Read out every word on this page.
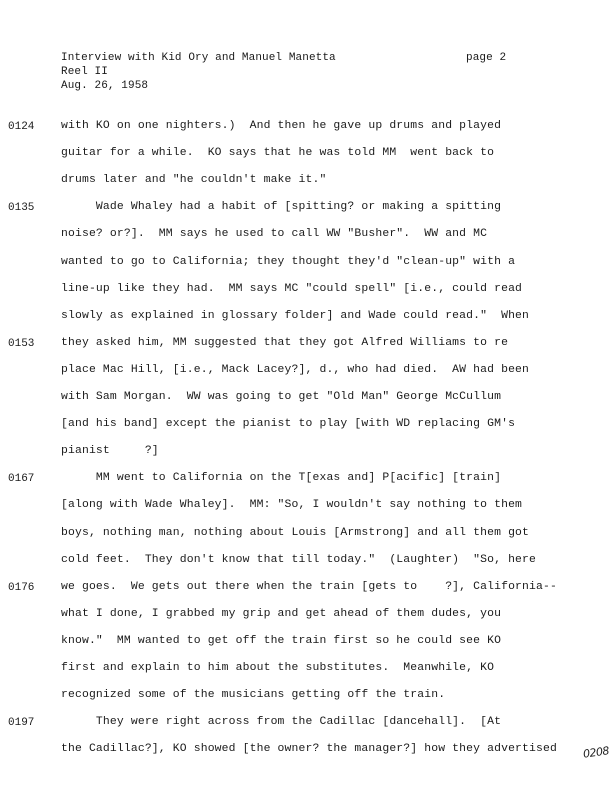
Interview with Kid Ory and Manuel Manetta	page 2
Reel II
Aug. 26, 1958
0124 with KO on one nighters.)  And then he gave up drums and played
guitar for a while.  KO says that he was told MM  went back to
drums later and "he couldn't make it."
0135 Wade Whaley had a habit of [spitting? or making a spitting
noise? or?].  MM says he used to call WW "Busher".  WW and MC
wanted to go to California; they thought they'd "clean-up" with a
line-up like they had.  MM says MC "could spell" [i.e., could read
slowly as explained in glossary folder] and Wade could read."  When
0153 they asked him, MM suggested that they got Alfred Williams to re
place Mac Hill, [i.e., Mack Lacey?], d., who had died.  AW had been
with Sam Morgan.  WW was going to get "Old Man" George McCullum
[and his band] except the pianist to play [with WD replacing GM's
pianist     ?]
0167 MM went to California on the T[exas and] P[acific] [train]
[along with Wade Whaley].  MM: "So, I wouldn't say nothing to them
boys, nothing man, nothing about Louis [Armstrong] and all them got
cold feet.  They don't know that till today."  (Laughter)  "So, here
0176 we goes.  We gets out there when the train [gets to    ?], California--
what I done, I grabbed my grip and get ahead of them dudes, you
know."  MM wanted to get off the train first so he could see KO
first and explain to him about the substitutes.  Meanwhile, KO
recognized some of the musicians getting off the train.
0197 They were right across from the Cadillac [dancehall].  [At
the Cadillac?], KO showed [the owner? the manager?] how they advertised	0208
